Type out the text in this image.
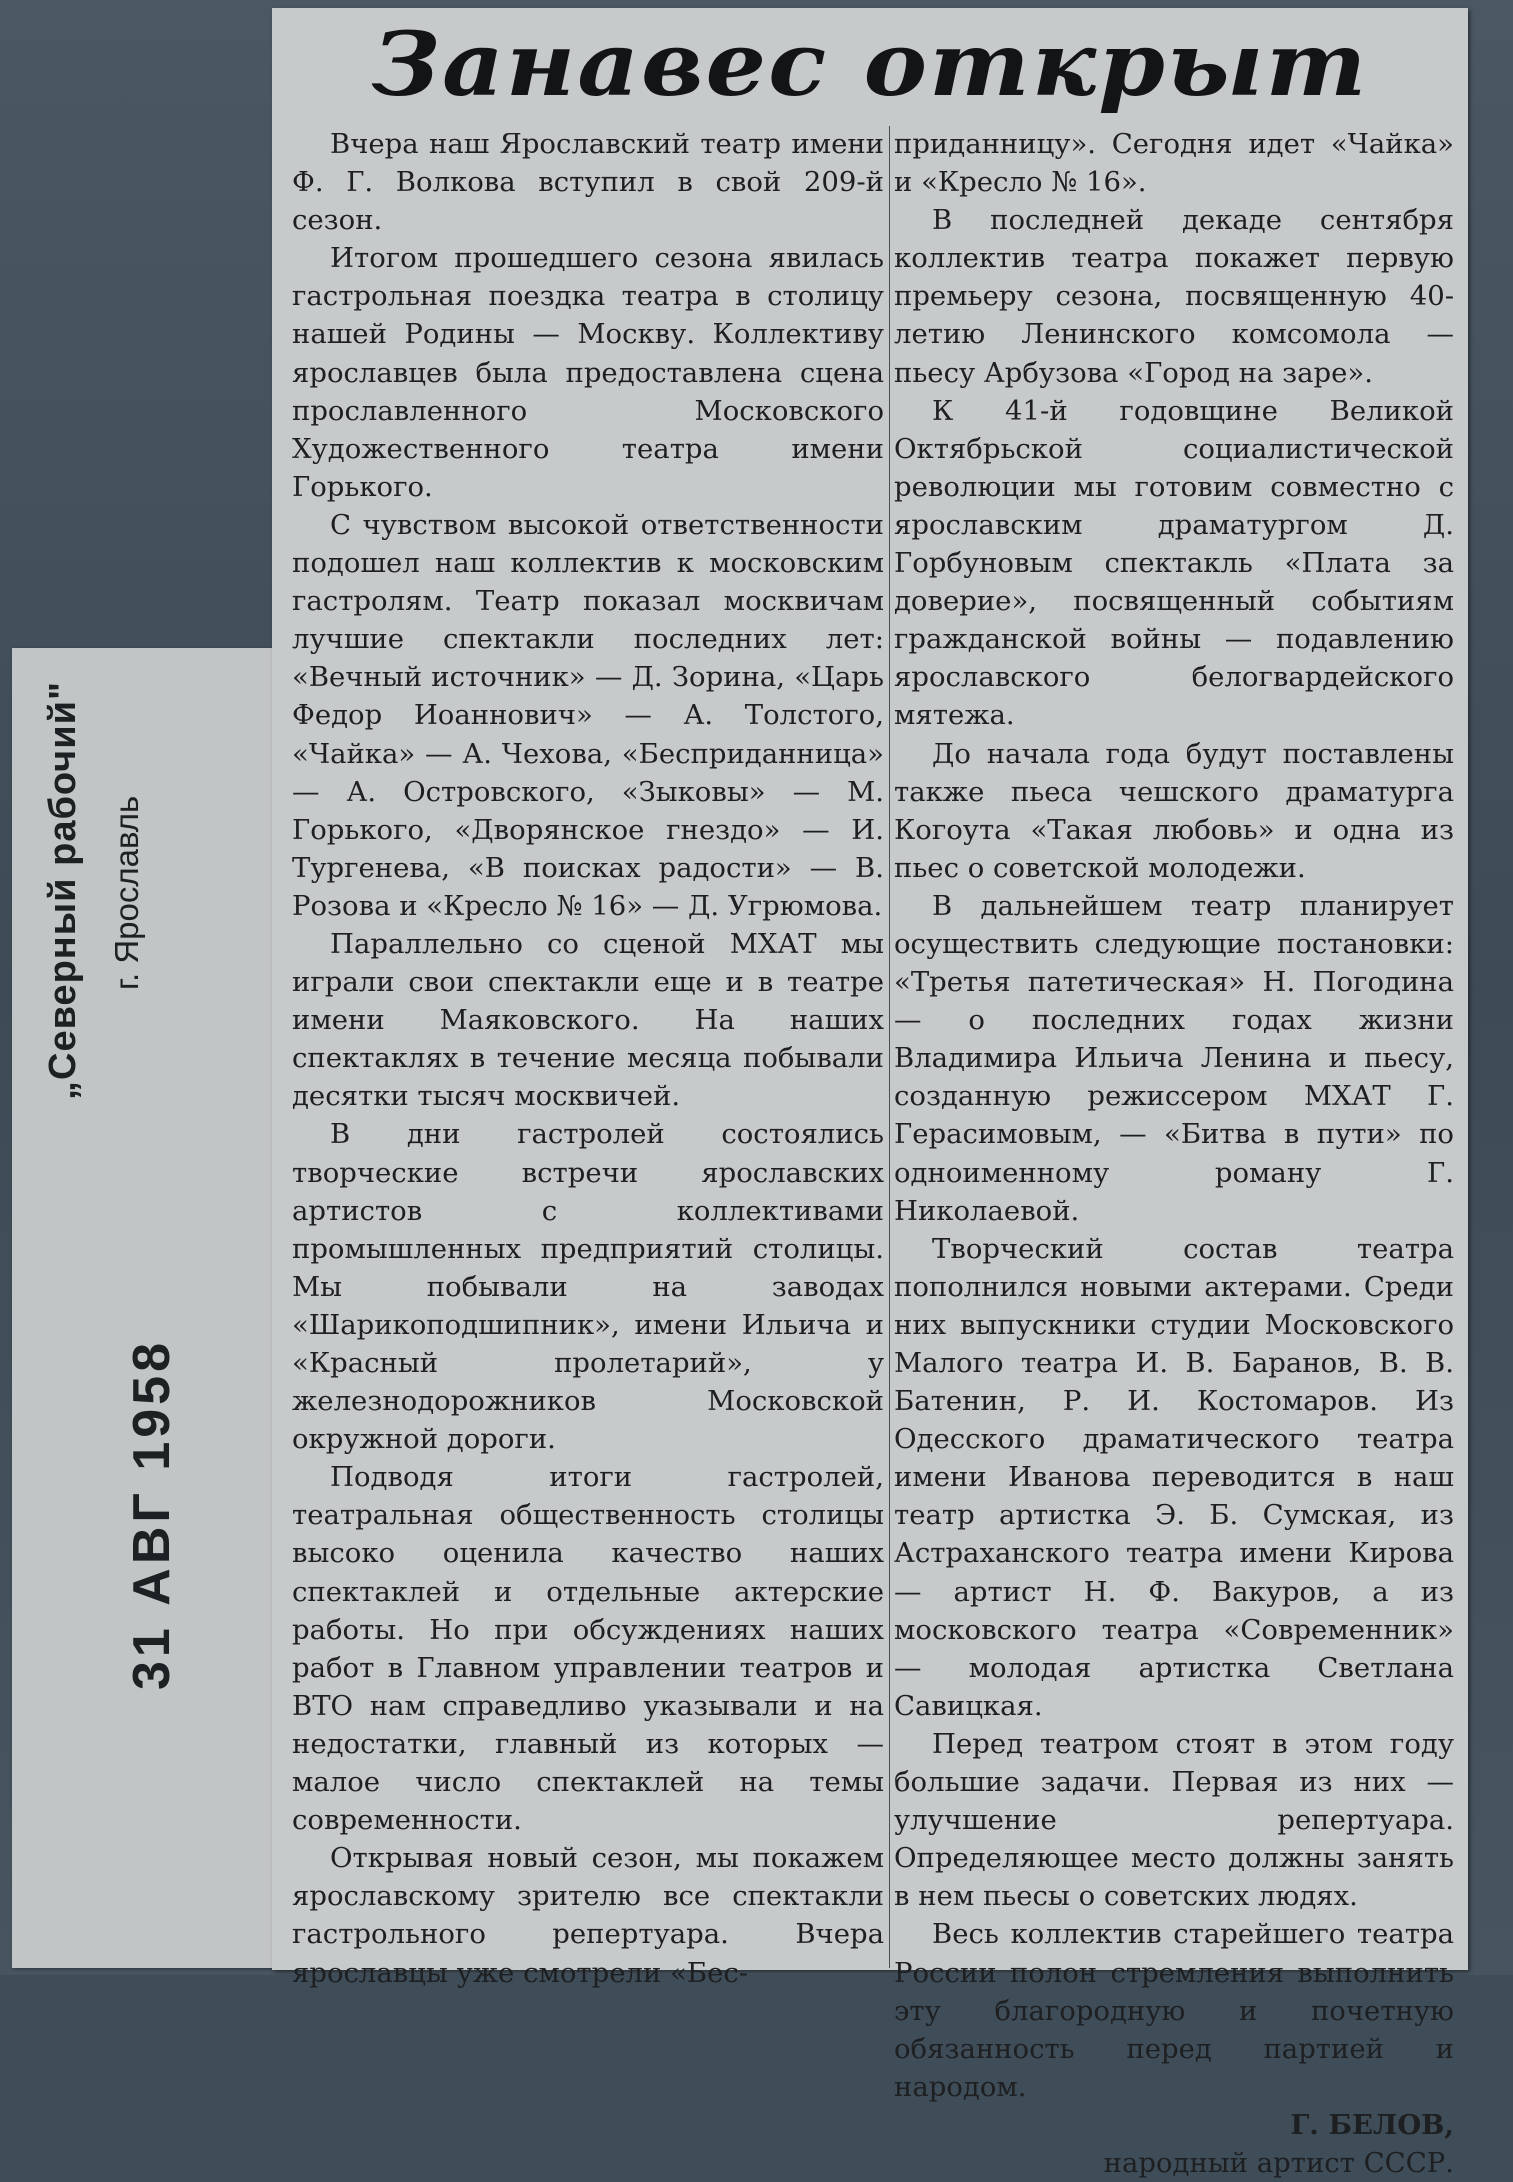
„Северный рабочий" г. Ярославль
31 АВГ 1958
Занавес открыт

Вчера наш Ярославский театр имени Ф. Г. Волкова вступил в свой 209-й сезон.

Итогом прошедшего сезона явилась гастрольная поездка театра в столицу нашей Родины — Москву. Коллективу ярославцев была предоставлена сцена прославленного Московского Художественного театра имени Горького.

С чувством высокой ответственности подошел наш коллектив к московским гастролям. Театр показал москвичам лучшие спектакли последних лет: «Вечный источник» — Д. Зорина, «Царь Федор Иоаннович» — А. Толстого, «Чайка» — А. Чехова, «Бесприданница» — А. Островского, «Зыковы» — М. Горького, «Дворянское гнездо» — И. Тургенева, «В поисках радости» — В. Розова и «Кресло № 16» — Д. Угрюмова.

Параллельно со сценой МХАТ мы играли свои спектакли еще и в театре имени Маяковского. На наших спектаклях в течение месяца побывали десятки тысяч москвичей.

В дни гастролей состоялись творческие встречи ярославских артистов с коллективами промышленных предприятий столицы. Мы побывали на заводах «Шарикоподшипник», имени Ильича и «Красный пролетарий», у железнодорожников Московской окружной дороги.

Подводя итоги гастролей, театральная общественность столицы высоко оценила качество наших спектаклей и отдельные актерские работы. Но при обсуждениях наших работ в Главном управлении театров и ВТО нам справедливо указывали и на недостатки, главный из которых — малое число спектаклей на темы современности.

Открывая новый сезон, мы покажем ярославскому зрителю все спектакли гастрольного репертуара. Вчера ярославцы уже смотрели «Бес-

приданницу». Сегодня идет «Чайка» и «Кресло № 16».

В последней декаде сентября коллектив театра покажет первую премьеру сезона, посвященную 40-летию Ленинского комсомола — пьесу Арбузова «Город на заре».

К 41-й годовщине Великой Октябрьской социалистической революции мы готовим совместно с ярославским драматургом Д. Горбуновым спектакль «Плата за доверие», посвященный событиям гражданской войны — подавлению ярославского белогвардейского мятежа.

До начала года будут поставлены также пьеса чешского драматурга Когоута «Такая любовь» и одна из пьес о советской молодежи.

В дальнейшем театр планирует осуществить следующие постановки: «Третья патетическая» Н. Погодина — о последних годах жизни Владимира Ильича Ленина и пьесу, созданную режиссером МХАТ Г. Герасимовым, — «Битва в пути» по одноименному роману Г. Николаевой.

Творческий состав театра пополнился новыми актерами. Среди них выпускники студии Московского Малого театра И. В. Баранов, В. В. Батенин, Р. И. Костомаров. Из Одесского драматического театра имени Иванова переводится в наш театр артистка Э. Б. Сумская, из Астраханского театра имени Кирова — артист Н. Ф. Вакуров, а из московского театра «Современник» — молодая артистка Светлана Савицкая.

Перед театром стоят в этом году большие задачи. Первая из них — улучшение репертуара. Определяющее место должны занять в нем пьесы о советских людях.

Весь коллектив старейшего театра России полон стремления выполнить эту благородную и почетную обязанность перед партией и народом.

Г. БЕЛОВ,

народный артист СССР.
